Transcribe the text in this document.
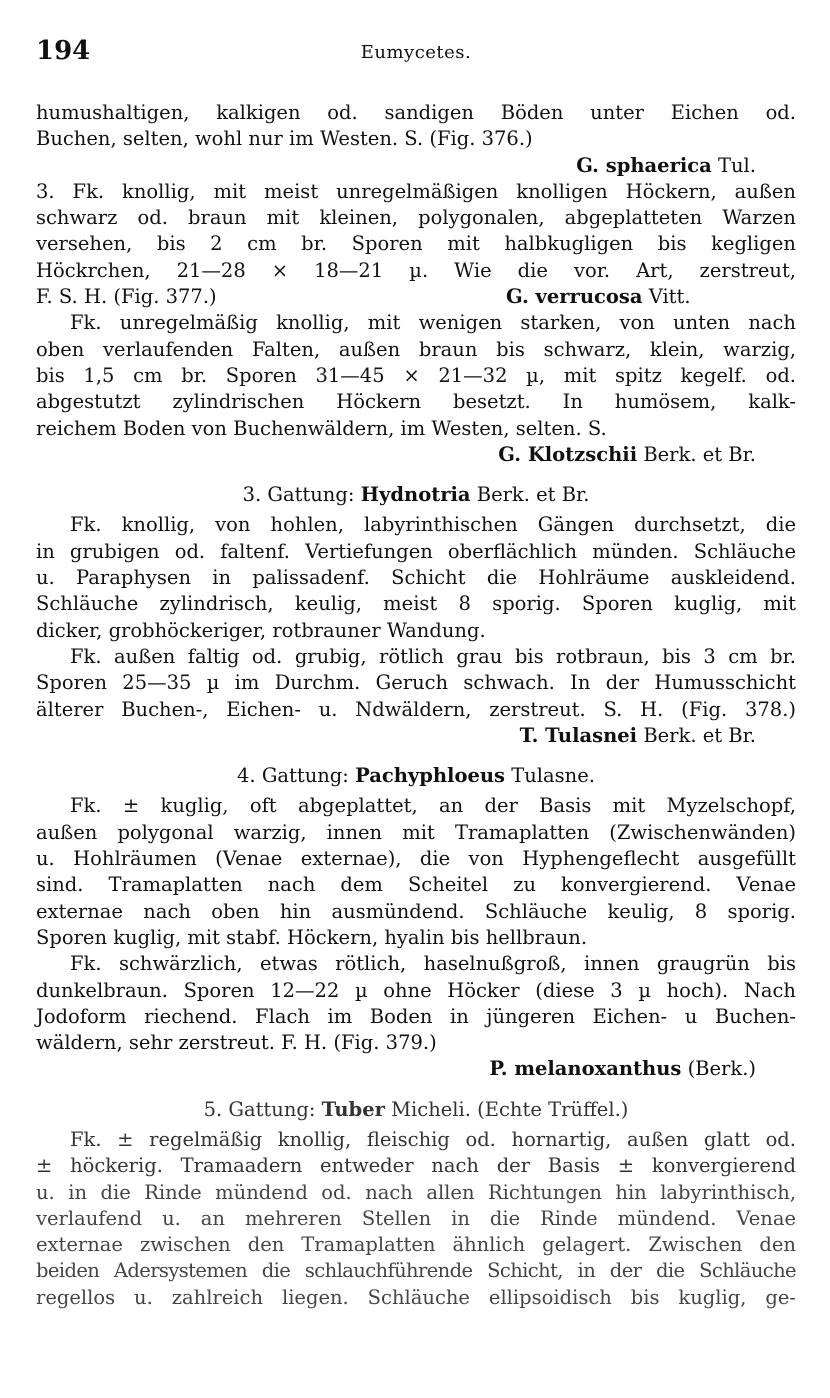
194	Eumycetes.
humushaltigen, kalkigen od. sandigen Böden unter Eichen od.
Buchen, selten, wohl nur im Westen. S. (Fig. 376.)
G. sphaerica Tul.
3. Fk. knollig, mit meist unregelmäßigen knolligen Höckern, außen
schwarz od. braun mit kleinen, polygonalen, abgeplatteten Warzen
versehen, bis 2 cm br. Sporen mit halbkugligen bis kegligen
Höckrchen, 21—28 × 18—21 µ. Wie die vor. Art, zerstreut,
F. S. H. (Fig. 377.)	G. verrucosa Vitt.
Fk. unregelmäßig knollig, mit wenigen starken, von unten nach
oben verlaufenden Falten, außen braun bis schwarz, klein, warzig,
bis 1,5 cm br. Sporen 31—45 × 21—32 µ, mit spitz kegelf. od.
abgestutzt zylindrischen Höckern besetzt. In humösem, kalk-
reichem Boden von Buchenwäldern, im Westen, selten. S.
G. Klotzschii Berk. et Br.
3. Gattung: Hydnotria Berk. et Br.
Fk. knollig, von hohlen, labyrinthischen Gängen durchsetzt, die
in grubigen od. faltenf. Vertiefungen oberflächlich münden. Schläuche
u. Paraphysen in palissadenf. Schicht die Hohlräume auskleidend.
Schläuche zylindrisch, keulig, meist 8 sporig. Sporen kuglig, mit
dicker, grobhöckeriger, rotbrauner Wandung.
Fk. außen faltig od. grubig, rötlich grau bis rotbraun, bis 3 cm br.
Sporen 25—35 µ im Durchm. Geruch schwach. In der Humusschicht
älterer Buchen-, Eichen- u. Ndwäldern, zerstreut. S. H. (Fig. 378.)
T. Tulasnei Berk. et Br.
4. Gattung: Pachyphloeus Tulasne.
Fk. ± kuglig, oft abgeplattet, an der Basis mit Myzelschopf,
außen polygonal warzig, innen mit Tramaplatten (Zwischenwänden)
u. Hohlräumen (Venae externae), die von Hyphengeflecht ausgefüllt
sind. Tramaplatten nach dem Scheitel zu konvergierend. Venae
externae nach oben hin ausmündend. Schläuche keulig, 8 sporig.
Sporen kuglig, mit stabf. Höckern, hyalin bis hellbraun.
Fk. schwärzlich, etwas rötlich, haselnußgroß, innen graugrün bis
dunkelbraun. Sporen 12—22 µ ohne Höcker (diese 3 µ hoch). Nach
Jodoform riechend. Flach im Boden in jüngeren Eichen- u Buchen-
wäldern, sehr zerstreut. F. H. (Fig. 379.)
P. melanoxanthus (Berk.)
5. Gattung: Tuber Micheli. (Echte Trüffel.)
Fk. ± regelmäßig knollig, fleischig od. hornartig, außen glatt od.
± höckerig. Tramaadern entweder nach der Basis ± konvergierend
u. in die Rinde mündend od. nach allen Richtungen hin labyrinthisch,
verlaufend u. an mehreren Stellen in die Rinde mündend. Venae
externae zwischen den Tramaplatten ähnlich gelagert. Zwischen den
beiden Adersystemen die schlauchführende Schicht, in der die Schläuche
regellos u. zahlreich liegen. Schläuche ellipsoidisch bis kuglig, ge-
